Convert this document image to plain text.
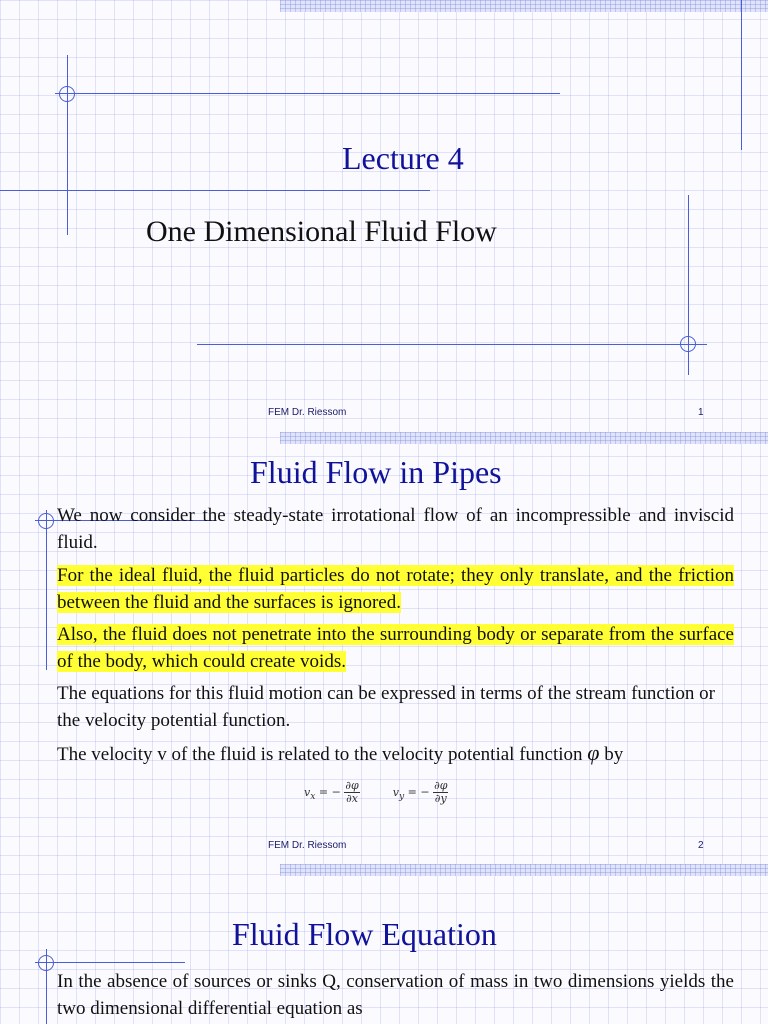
Lecture 4
One Dimensional Fluid Flow
FEM Dr. Riessom	1
Fluid Flow in Pipes

We now consider the steady-state irrotational flow of an incompressible and inviscid fluid.

For the ideal fluid, the fluid particles do not rotate; they only translate, and the friction between the fluid and the surfaces is ignored.

Also, the fluid does not penetrate into the surrounding body or separate from the surface of the body, which could create voids.

The equations for this fluid motion can be expressed in terms of the stream function or the velocity potential function.

The velocity v of the fluid is related to the velocity potential function φ by

$v_x$ = − $\frac{\partial\varphi}{\partial x}$	$v_y$ = − $\frac{\partial\varphi}{\partial y}$
FEM Dr. Riessom	2
Fluid Flow Equation

In the absence of sources or sinks Q, conservation of mass in two dimensions yields the two dimensional differential equation as
